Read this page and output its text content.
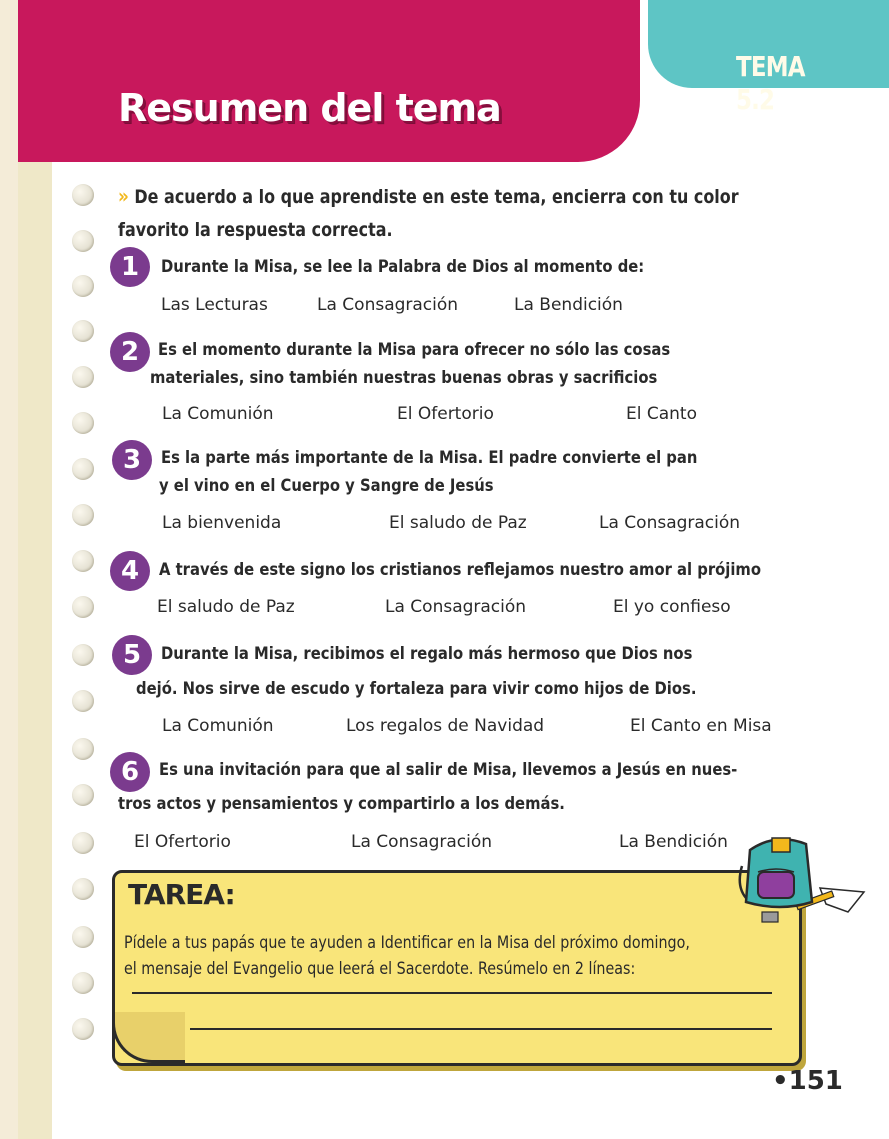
TEMA 5.2
Resumen del tema
» De acuerdo a lo que aprendiste en este tema, encierra con tu color favorito la respuesta correcta.
1	Durante la Misa, se lee la Palabra de Dios al momento de:
Las Lecturas	La Consagración	La Bendición
2	Es el momento durante la Misa para ofrecer no sólo las cosas
materiales, sino también nuestras buenas obras y sacrificios
La Comunión	El Ofertorio	El Canto
3	Es la parte más importante de la Misa. El padre convierte el pan
y el vino en el Cuerpo y Sangre de Jesús
La bienvenida	El saludo de Paz	La Consagración
4	A través de este signo los cristianos reflejamos nuestro amor al prójimo
El saludo de Paz	La Consagración	El yo confieso
5	Durante la Misa, recibimos el regalo más hermoso que Dios nos
dejó. Nos sirve de escudo y fortaleza para vivir como hijos de Dios.
La Comunión	Los regalos de Navidad	El Canto en Misa
6	Es una invitación para que al salir de Misa, llevemos a Jesús en nues-
tros actos y pensamientos y compartirlo a los demás.
El Ofertorio	La Consagración	La Bendición
TAREA:
Pídele a tus papás que te ayuden a Identificar en la Misa del próximo domingo,
el mensaje del Evangelio que leerá el Sacerdote. Resúmelo en 2 líneas:
•151
